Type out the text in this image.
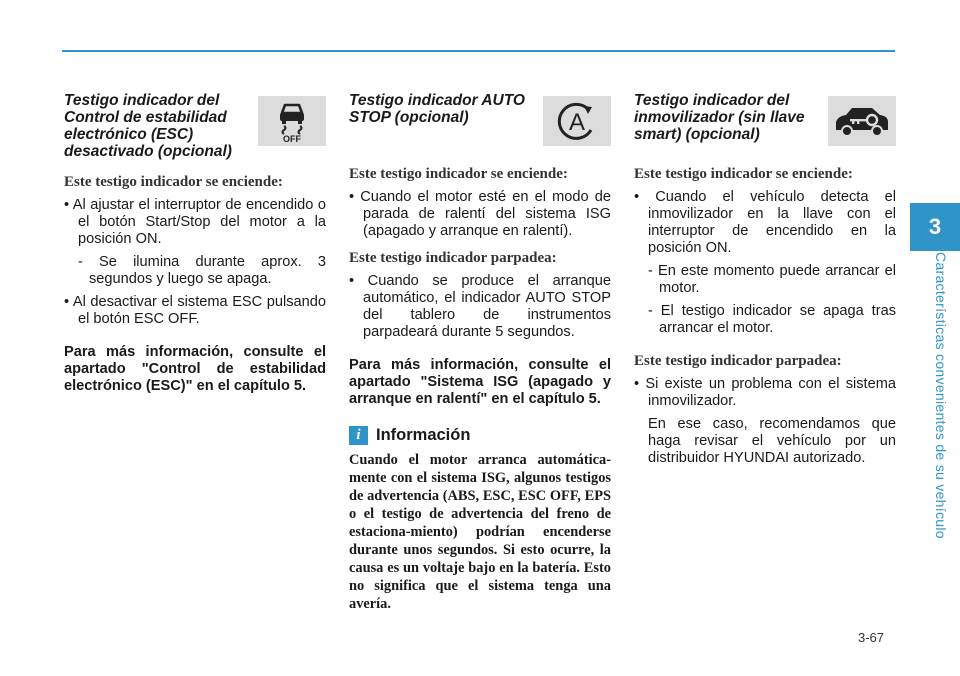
3
Características convenientes de su vehículo
3-67
Testigo indicador del Control de estabilidad electrónico (ESC) desactivado (opcional)
OFF
Este testigo indicador se enciende:
• Al ajustar el interruptor de encendido o el botón Start/Stop del motor a la posición ON.
- Se ilumina durante aprox. 3 segundos y luego se apaga.
• Al desactivar el sistema ESC pulsando el botón ESC OFF.
Para más información, consulte el apartado "Control de estabilidad electrónico (ESC)" en el capítulo 5.
Testigo indicador AUTO STOP (opcional)	A
Este testigo indicador se enciende:
• Cuando el motor esté en el modo de parada de ralentí del sistema ISG (apagado y arranque en ralentí).
Este testigo indicador parpadea:
• Cuando se produce el arranque automático, el indicador AUTO STOP del tablero de instrumentos parpadeará durante 5 segundos.
Para más información, consulte el apartado "Sistema ISG (apagado y arranque en ralentí" en el capítulo 5.
i Información
Cuando el motor arranca automática-mente con el sistema ISG, algunos testigos de advertencia (ABS, ESC, ESC OFF, EPS o el testigo de advertencia del freno de estaciona-miento) podrían encenderse durante unos segundos. Si esto ocurre, la causa es un voltaje bajo en la batería. Esto no significa que el sistema tenga una avería.
Testigo indicador del inmovilizador (sin llave smart) (opcional)
Este testigo indicador se enciende:
• Cuando el vehículo detecta el inmovilizador en la llave con el interruptor de encendido en la posición ON.
- En este momento puede arrancar el motor.
- El testigo indicador se apaga tras arrancar el motor.
Este testigo indicador parpadea:
• Si existe un problema con el sistema inmovilizador.
En ese caso, recomendamos que haga revisar el vehículo por un distribuidor HYUNDAI autorizado.
